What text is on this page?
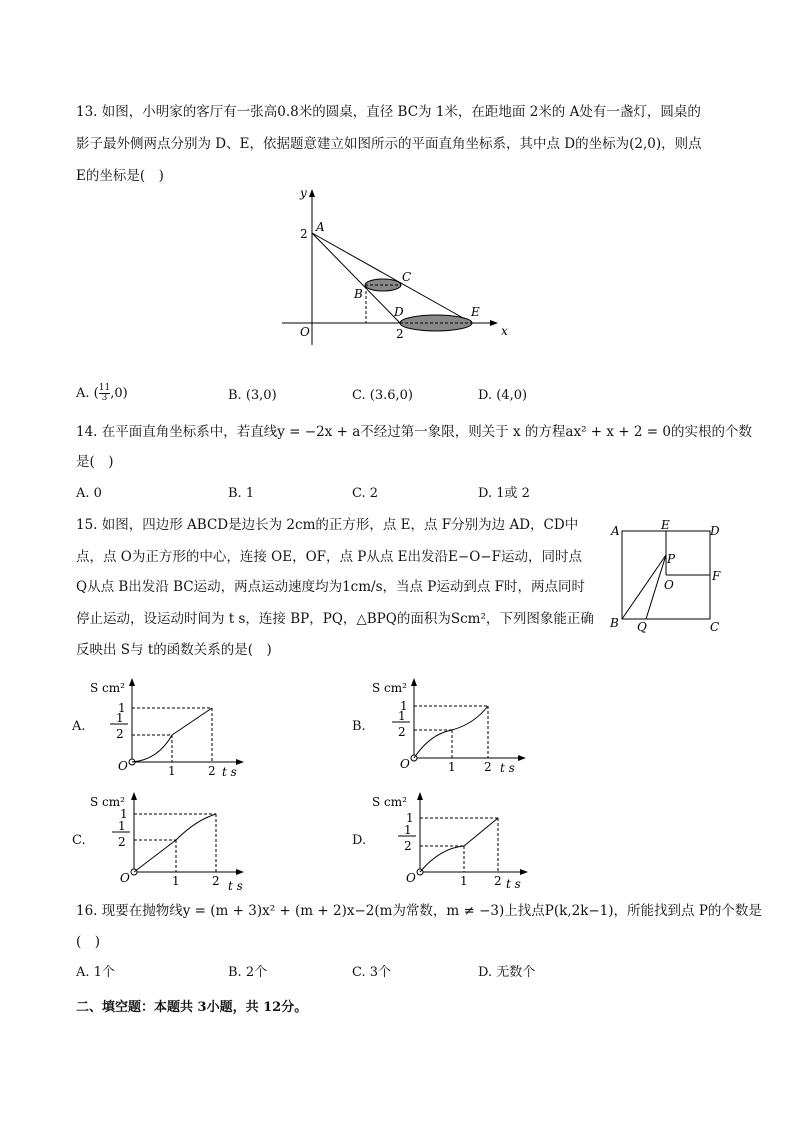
13. 如图，小明家的客厅有一张高0.8米的圆桌，直径 BC为 1米，在距地面 2米的 A处有一盏灯，圆桌的
影子最外侧两点分别为 D、E，依据题意建立如图所示的平面直角坐标系，其中点 D的坐标为(2,0)，则点
E的坐标是(　)
y
x
A
2
C
B
D	E
O	2
A. ( $\frac{11}{3} ,0$)	B. (3,0)	C. (3.6,0)	D. (4,0)
14. 在平面直角坐标系中，若直线y = −2x + a不经过第一象限，则关于 x 的方程ax² + x + 2 = 0的实根的个数
是(　)
A. 0	B. 1	C. 2	D. 1或 2
15. 如图，四边形 ABCD是边长为 2cm的正方形，点 E，点 F分别为边 AD，CD中
点，点 O为正方形的中心，连接 OE，OF，点 P从点 E出发沿E−O−F运动，同时点
Q从点 B出发沿 BC运动，两点运动速度均为1cm/s，当点 P运动到点 F时，两点同时
停止运动，设运动时间为 t s，连接 BP，PQ，△BPQ的面积为Scm²，下列图象能正确
反映出 S与 t的函数关系的是(　)
A	E	D
P
O
F
B Q	C
A.	B.
C.	D.
S cm²
1
1
2
O	1	2 t s
S cm²
1
1
2
O	1 2 t s
S cm²
1
1
2
O	1	2 t s
S cm²
1
1
2
O	1 2 t s
16. 现要在抛物线y = (m + 3)x² + (m + 2)x−2(m为常数，m ≠ −3)上找点P(k,2k−1)，所能找到点 P的个数是
(　)
A. 1个	B. 2个	C. 3个	D. 无数个
二、填空题：本题共 3小题，共 12分。
